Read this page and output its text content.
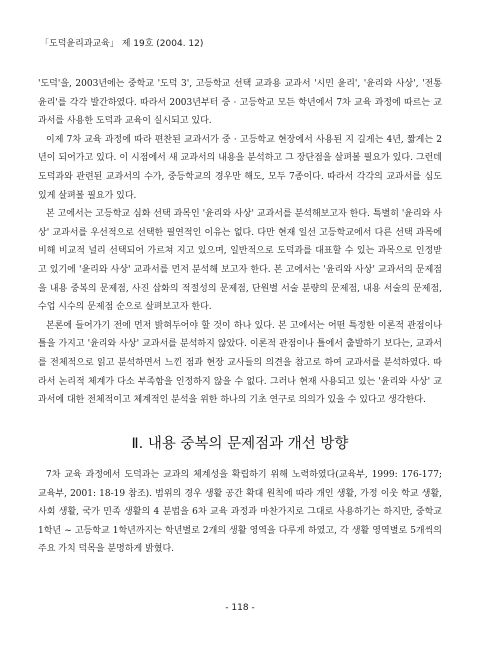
「도덕윤리과교육」 제 19호 (2004. 12)

'도덕'을, 2003년에는 중학교 '도덕 3', 고등학교 선택 교과용 교과서 '시민 윤리', '윤리와 사상', '전통 윤리'를 각각 발간하였다. 따라서 2003년부터 중 · 고등학교 모든 학년에서 7차 교육 과정에 따르는 교과서를 사용한 도덕과 교육이 실시되고 있다.

이제 7차 교육 과정에 따라 편찬된 교과서가 중 · 고등학교 현장에서 사용된 지 길게는 4년, 짧게는 2년이 되어가고 있다. 이 시점에서 새 교과서의 내용을 분석하고 그 장단점을 살펴볼 필요가 있다. 그런데 도덕과와 관련된 교과서의 수가, 중등학교의 경우만 해도, 모두 7종이다. 따라서 각각의 교과서를 심도 있게 살펴볼 필요가 있다.

본 고에서는 고등학교 심화 선택 과목인 '윤리와 사상' 교과서를 분석해보고자 한다. 특별히 '윤리와 사상' 교과서를 우선적으로 선택한 필연적인 이유는 없다. 다만 현재 일선 고등학교에서 다른 선택 과목에 비해 비교적 널리 선택되어 가르쳐 지고 있으며, 일반적으로 도덕과를 대표할 수 있는 과목으로 인정받고 있기에 '윤리와 사상' 교과서를 먼저 분석해 보고자 한다. 본 고에서는 '윤리와 사상' 교과서의 문제점을 내용 중복의 문제점, 사진 삽화의 적절성의 문제점, 단원별 서술 분량의 문제점, 내용 서술의 문제점, 수업 시수의 문제점 순으로 살펴보고자 한다.

본론에 들어가기 전에 먼저 밝혀두어야 할 것이 하나 있다. 본 고에서는 어떤 특정한 이론적 관점이나 틀을 가지고 '윤리와 사상' 교과서를 분석하지 않았다. 이론적 관점이나 틀에서 출발하기 보다는, 교과서를 전체적으로 읽고 분석하면서 느낀 점과 현장 교사들의 의견을 참고로 하여 교과서를 분석하였다. 따라서 논리적 체계가 다소 부족함을 인정하지 않을 수 없다. 그러나 현재 사용되고 있는 '윤리와 사상' 교과서에 대한 전체적이고 체계적인 분석을 위한 하나의 기초 연구로 의의가 있을 수 있다고 생각한다.

Ⅱ. 내용 중복의 문제점과 개선 방향

7차 교육 과정에서 도덕과는 교과의 체계성을 확립하기 위해 노력하였다(교육부, 1999: 176-177; 교육부, 2001: 18-19 참조). 범위의 경우 생활 공간 확대 원칙에 따라 개인 생활, 가정 이웃 학교 생활, 사회 생활, 국가 민족 생활의 4 분법을 6차 교육 과정과 마찬가지로 그대로 사용하기는 하지만, 중학교 1학년 ~ 고등학교 1학년까지는 학년별로 2개의 생활 영역을 다루게 하였고, 각 생활 영역별로 5개씩의 주요 가치 덕목을 분명하게 밝혔다.

- 118 -
